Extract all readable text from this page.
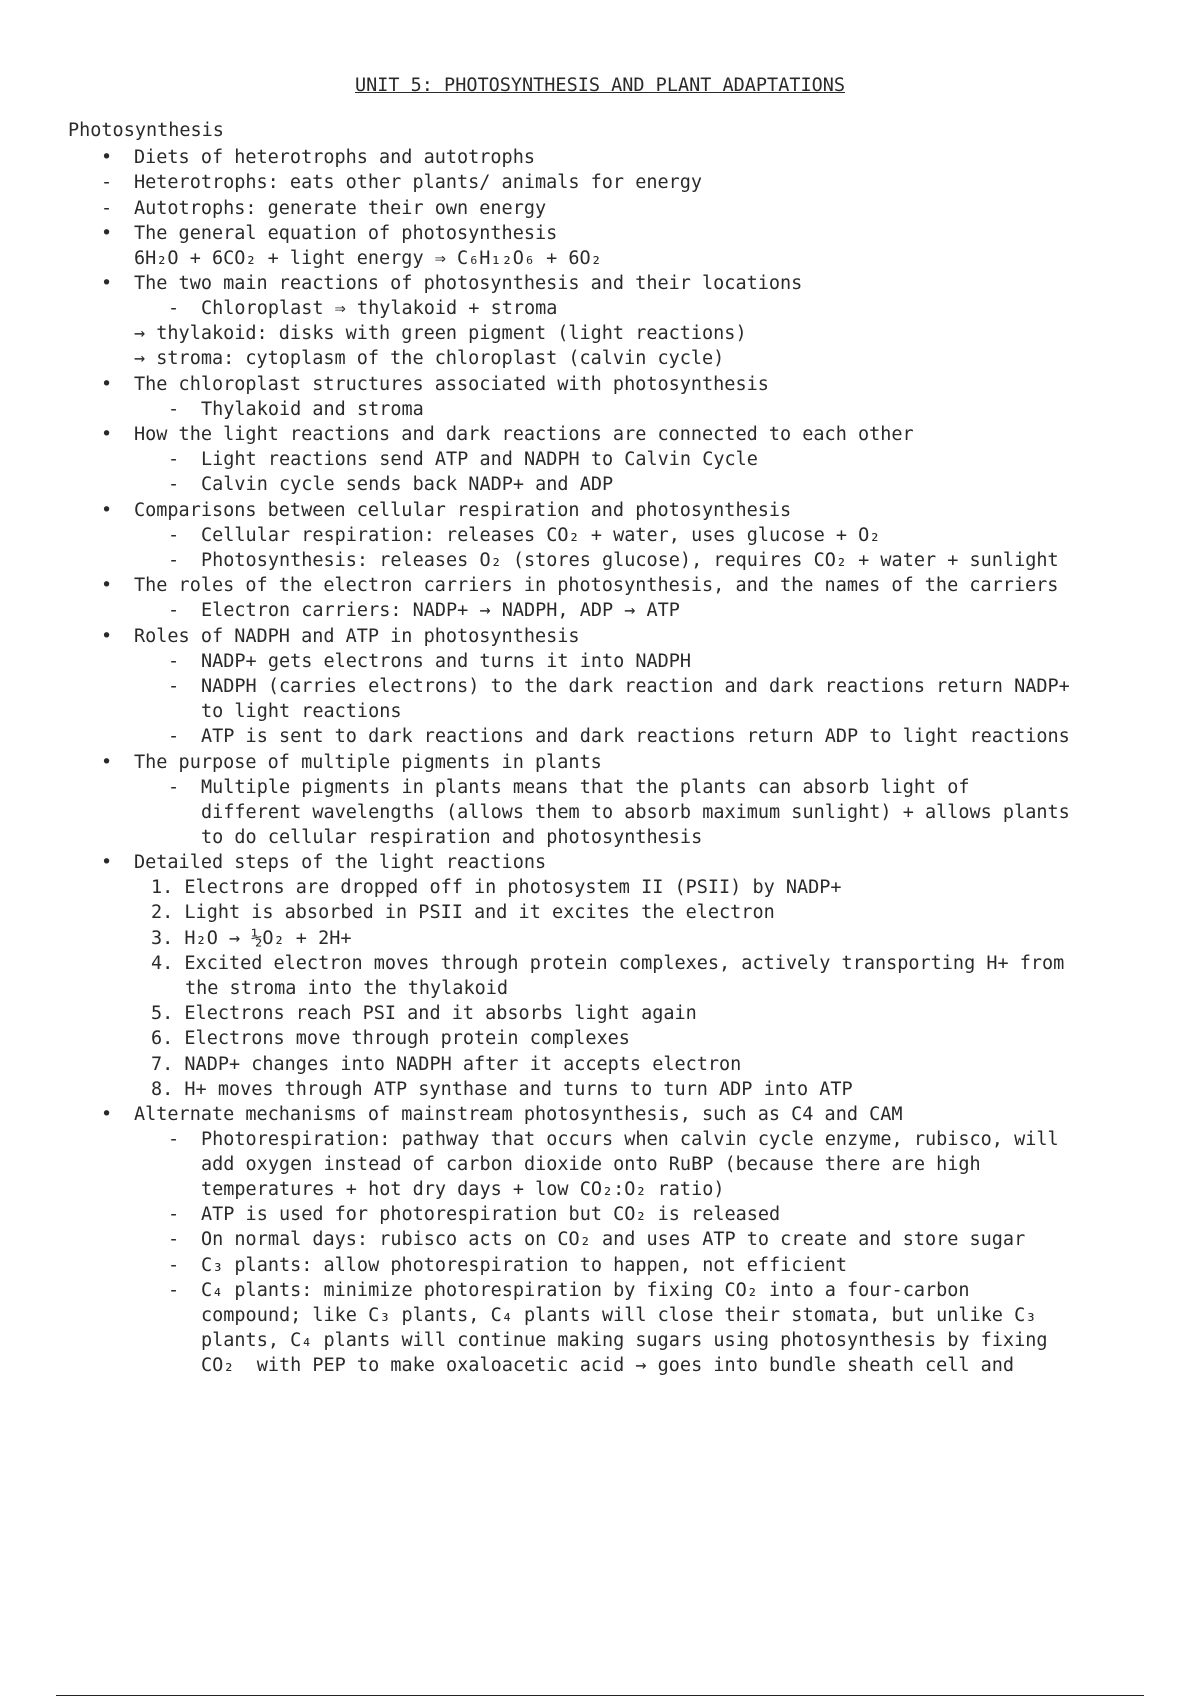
UNIT 5: PHOTOSYNTHESIS AND PLANT ADAPTATIONS
Photosynthesis
•
-
-
•
•
-
•
-
•
-
-
•
-
-
•
-
•
-
-
-
•
-
•
•
-
-
-
-
-
Diets of heterotrophs and autotrophs
Heterotrophs: eats other plants/ animals for energy
Autotrophs: generate their own energy
The general equation of photosynthesis
6H₂O + 6CO₂ + light energy ⇒ C₆H₁₂O₆ + 6O₂
The two main reactions of photosynthesis and their locations
Chloroplast ⇒ thylakoid + stroma
→ thylakoid: disks with green pigment (light reactions)
→ stroma: cytoplasm of the chloroplast (calvin cycle)
The chloroplast structures associated with photosynthesis
Thylakoid and stroma
How the light reactions and dark reactions are connected to each other
Light reactions send ATP and NADPH to Calvin Cycle
Calvin cycle sends back NADP+ and ADP
Comparisons between cellular respiration and photosynthesis
Cellular respiration: releases CO₂ + water, uses glucose + O₂
Photosynthesis: releases O₂ (stores glucose), requires CO₂ + water + sunlight
The roles of the electron carriers in photosynthesis, and the names of the carriers
Electron carriers: NADP+ → NADPH, ADP → ATP
Roles of NADPH and ATP in photosynthesis
NADP+ gets electrons and turns it into NADPH
NADPH (carries electrons) to the dark reaction and dark reactions return NADP+
to light reactions
ATP is sent to dark reactions and dark reactions return ADP to light reactions
The purpose of multiple pigments in plants
Multiple pigments in plants means that the plants can absorb light of
different wavelengths (allows them to absorb maximum sunlight) + allows plants
to do cellular respiration and photosynthesis
Detailed steps of the light reactions
1. Electrons are dropped off in photosystem II (PSII) by NADP+
2. Light is absorbed in PSII and it excites the electron
3. H₂O → ½O₂ + 2H+
4. Excited electron moves through protein complexes, actively transporting H+ from
the stroma into the thylakoid
5. Electrons reach PSI and it absorbs light again
6. Electrons move through protein complexes
7. NADP+ changes into NADPH after it accepts electron
8. H+ moves through ATP synthase and turns to turn ADP into ATP
Alternate mechanisms of mainstream photosynthesis, such as C4 and CAM
Photorespiration: pathway that occurs when calvin cycle enzyme, rubisco, will
add oxygen instead of carbon dioxide onto RuBP (because there are high
temperatures + hot dry days + low CO₂:O₂ ratio)
ATP is used for photorespiration but CO₂ is released
On normal days: rubisco acts on CO₂ and uses ATP to create and store sugar
C₃ plants: allow photorespiration to happen, not efficient
C₄ plants: minimize photorespiration by fixing CO₂ into a four-carbon
compound; like C₃ plants, C₄ plants will close their stomata, but unlike C₃
plants, C₄ plants will continue making sugars using photosynthesis by fixing
CO₂  with PEP to make oxaloacetic acid → goes into bundle sheath cell and
